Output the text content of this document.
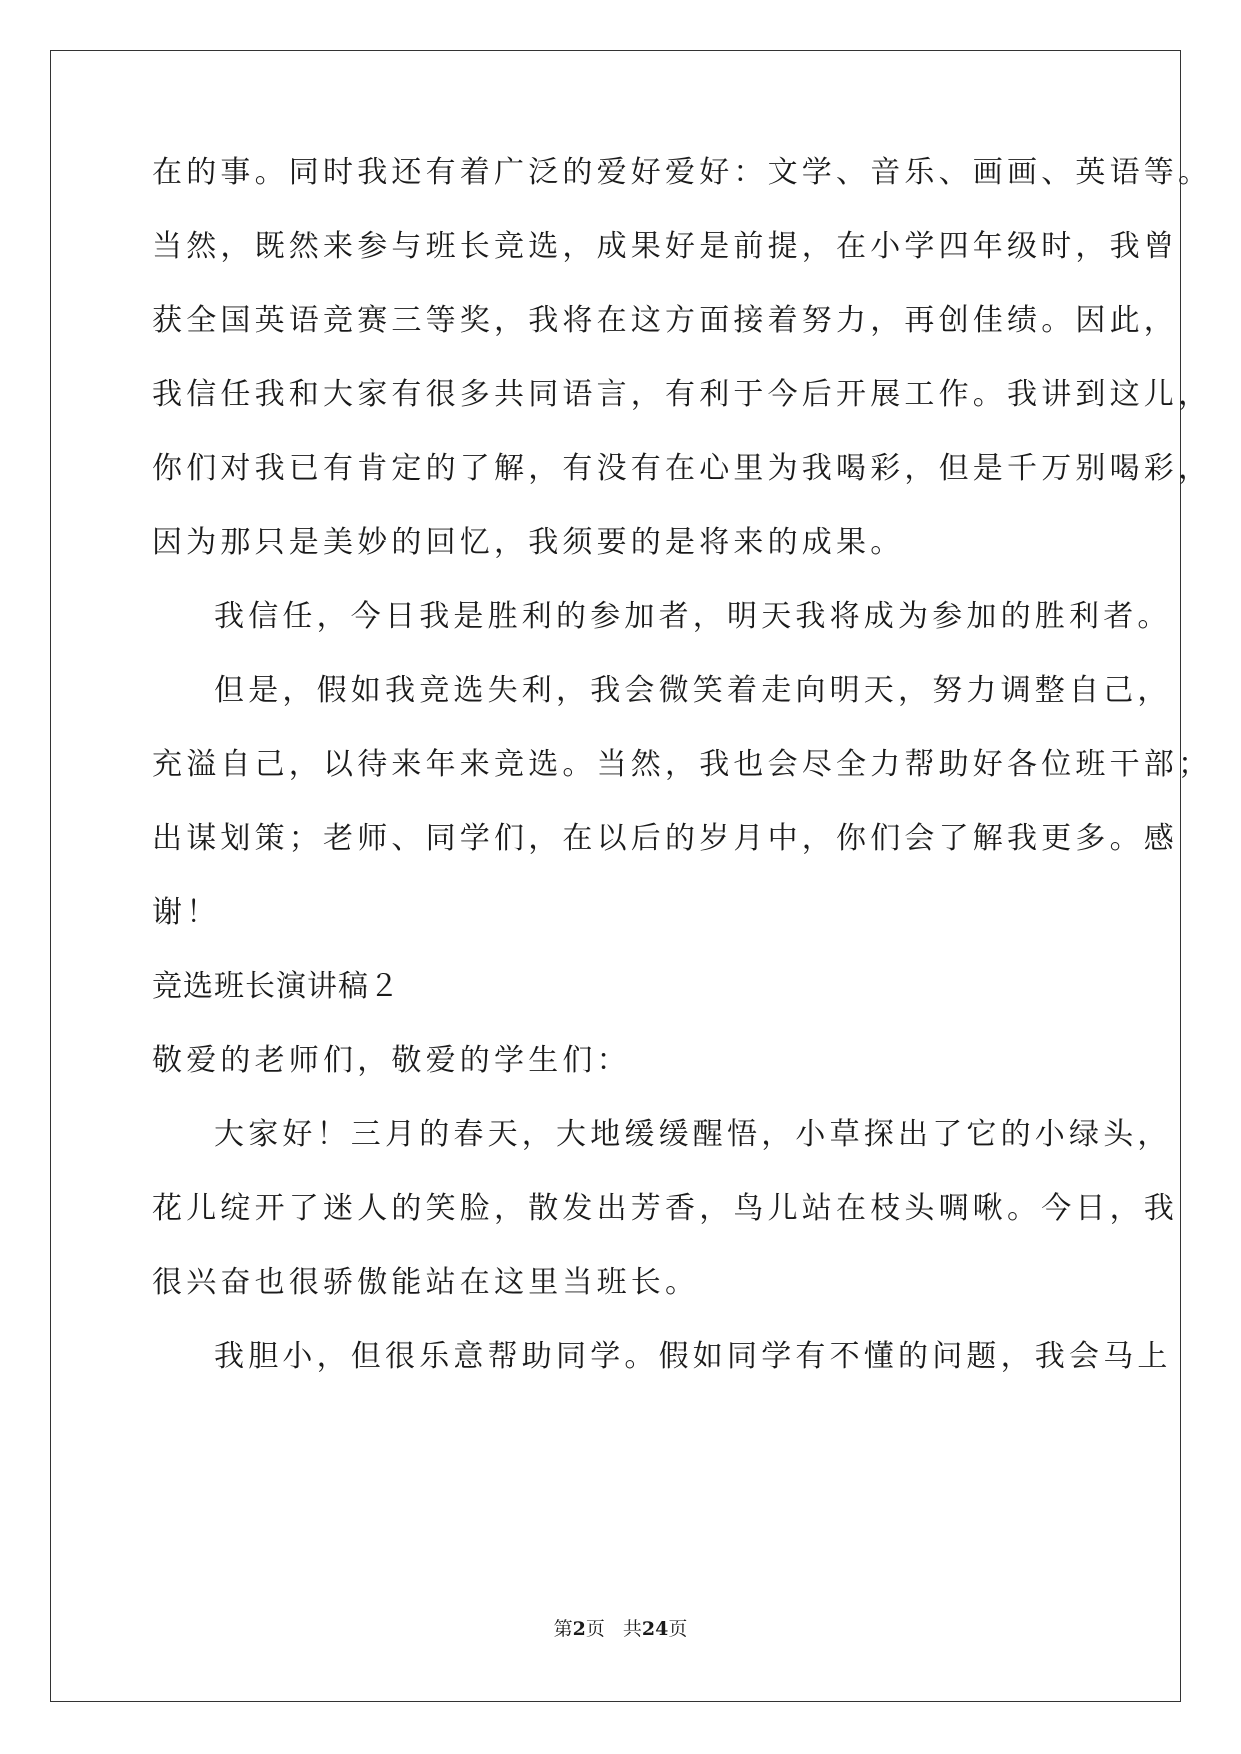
在的事。同时我还有着广泛的爱好爱好：文学、音乐、画画、英语等。
当然，既然来参与班长竞选，成果好是前提，在小学四年级时，我曾
获全国英语竞赛三等奖，我将在这方面接着努力，再创佳绩。因此，
我信任我和大家有很多共同语言，有利于今后开展工作。我讲到这儿，
你们对我已有肯定的了解，有没有在心里为我喝彩，但是千万别喝彩，
因为那只是美妙的回忆，我须要的是将来的成果。
我信任，今日我是胜利的参加者，明天我将成为参加的胜利者。
但是，假如我竞选失利，我会微笑着走向明天，努力调整自己，
充溢自己，以待来年来竞选。当然，我也会尽全力帮助好各位班干部；
出谋划策；老师、同学们，在以后的岁月中，你们会了解我更多。感
谢！
竞选班长演讲稿２
敬爱的老师们，敬爱的学生们：
大家好！三月的春天，大地缓缓醒悟，小草探出了它的小绿头，
花儿绽开了迷人的笑脸，散发出芳香，鸟儿站在枝头啁啾。今日，我
很兴奋也很骄傲能站在这里当班长。
我胆小，但很乐意帮助同学。假如同学有不懂的问题，我会马上
第2页 共24页
